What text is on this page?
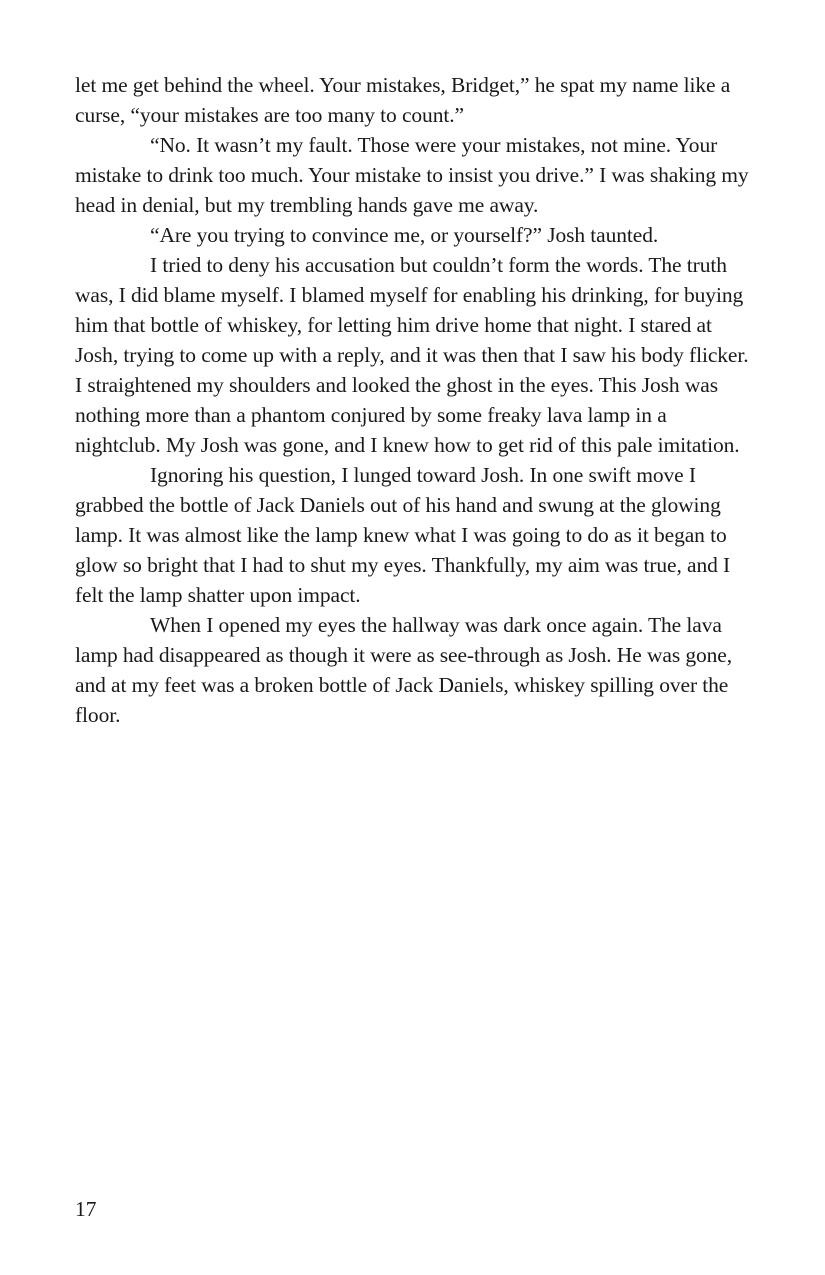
let me get behind the wheel. Your mistakes, Bridget,” he spat my name like a curse, “your mistakes are too many to count.”

“No. It wasn’t my fault. Those were your mistakes, not mine. Your mistake to drink too much. Your mistake to insist you drive.” I was shaking my head in denial, but my trembling hands gave me away.

“Are you trying to convince me, or yourself?” Josh taunted.

I tried to deny his accusation but couldn’t form the words. The truth was, I did blame myself. I blamed myself for enabling his drinking, for buying him that bottle of whiskey, for letting him drive home that night. I stared at Josh, trying to come up with a reply, and it was then that I saw his body flicker. I straightened my shoulders and looked the ghost in the eyes. This Josh was nothing more than a phantom conjured by some freaky lava lamp in a nightclub. My Josh was gone, and I knew how to get rid of this pale imitation.

Ignoring his question, I lunged toward Josh. In one swift move I grabbed the bottle of Jack Daniels out of his hand and swung at the glowing lamp. It was almost like the lamp knew what I was going to do as it began to glow so bright that I had to shut my eyes. Thankfully, my aim was true, and I felt the lamp shatter upon impact.

When I opened my eyes the hallway was dark once again. The lava lamp had disappeared as though it were as see-through as Josh. He was gone, and at my feet was a broken bottle of Jack Daniels, whiskey spilling over the floor.

17
